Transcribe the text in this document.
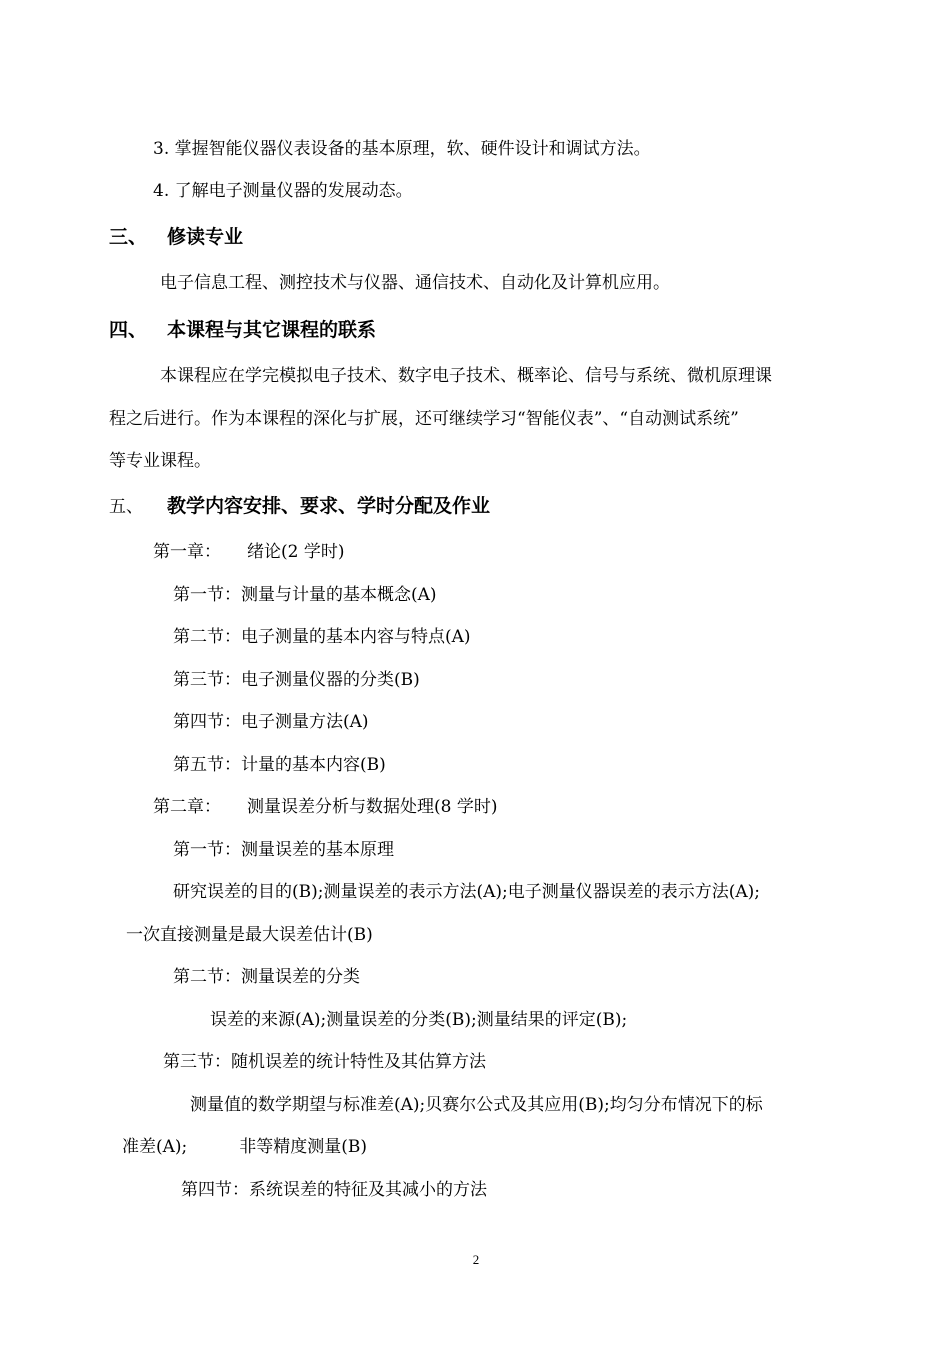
3. 掌握智能仪器仪表设备的基本原理，软、硬件设计和调试方法。
4. 了解电子测量仪器的发展动态。
三、 修读专业
电子信息工程、测控技术与仪器、通信技术、自动化及计算机应用。
四、 本课程与其它课程的联系
本课程应在学完模拟电子技术、数字电子技术、概率论、信号与系统、微机原理课
程之后进行。作为本课程的深化与扩展，还可继续学习“智能仪表”、“自动测试系统”
等专业课程。
五、 教学内容安排、要求、学时分配及作业
第一章： 绪论(2 学时)
第一节：测量与计量的基本概念(A)
第二节：电子测量的基本内容与特点(A)
第三节：电子测量仪器的分类(B)
第四节：电子测量方法(A)
第五节：计量的基本内容(B)
第二章： 测量误差分析与数据处理(8 学时)
第一节：测量误差的基本原理
研究误差的目的(B);测量误差的表示方法(A);电子测量仪器误差的表示方法(A);
一次直接测量是最大误差估计(B)
第二节：测量误差的分类
误差的来源(A);测量误差的分类(B);测量结果的评定(B);
第三节：随机误差的统计特性及其估算方法
测量值的数学期望与标准差(A);贝赛尔公式及其应用(B);均匀分布情况下的标
准差(A);	非等精度测量(B)
第四节：系统误差的特征及其减小的方法
2
